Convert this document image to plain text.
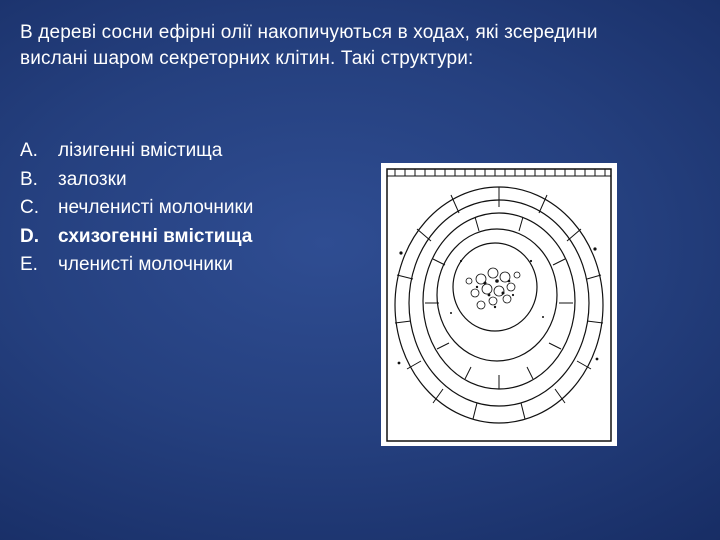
В дереві сосни ефірні олії накопичуються в ходах, які зсередини вислані шаром секреторних клітин. Такі структури:

A.	лізигенні вмістища
B.	залозки
C.	нечленисті молочники
D.	схизогенні вмістища
E.	членисті молочники
